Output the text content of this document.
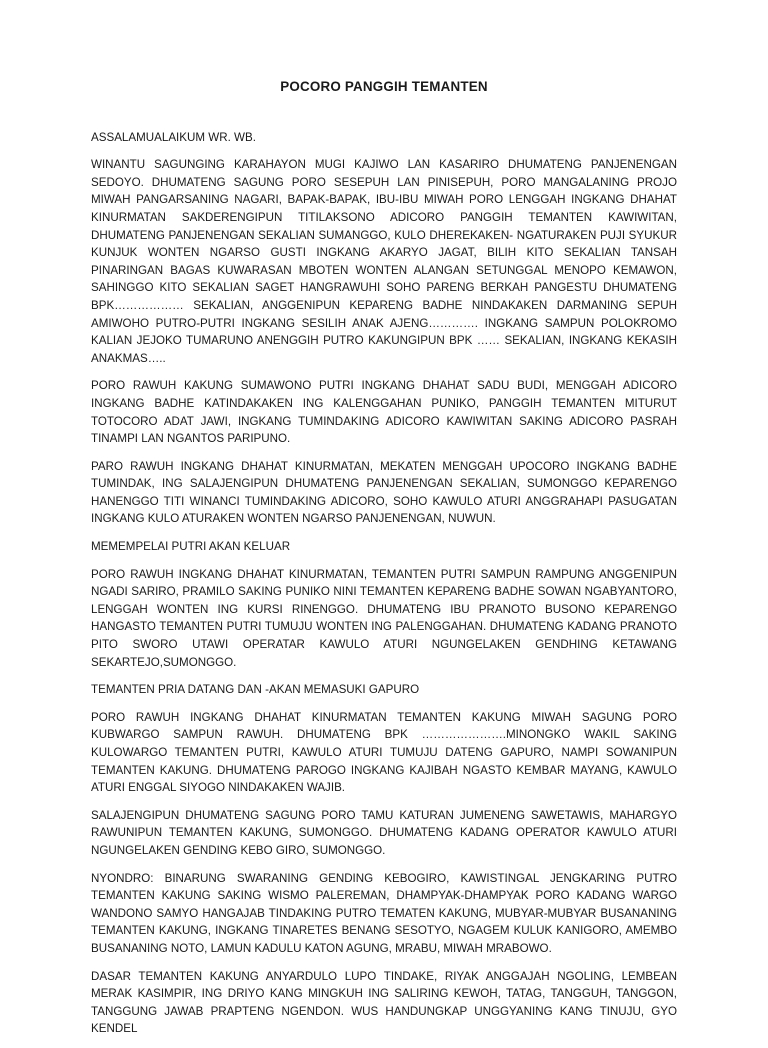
POCORO PANGGIH TEMANTEN
ASSALAMUALAIKUM WR. WB.
WINANTU SAGUNGING KARAHAYON MUGI KAJIWO LAN KASARIRO DHUMATENG PANJENENGAN SEDOYO. DHUMATENG SAGUNG PORO SESEPUH LAN PINISEPUH, PORO MANGALANING PROJO MIWAH PANGARSANING NAGARI, BAPAK-BAPAK, IBU-IBU MIWAH PORO LENGGAH INGKANG DHAHAT KINURMATAN SAKDERENGIPUN TITILAKSONO ADICORO PANGGIH TEMANTEN KAWIWITAN, DHUMATENG PANJENENGAN SEKALIAN SUMANGGO, KULO DHEREKAKEN- NGATURAKEN PUJI SYUKUR KUNJUK WONTEN NGARSO GUSTI INGKANG AKARYO JAGAT, BILIH KITO SEKALIAN TANSAH PINARINGAN BAGAS KUWARASAN MBOTEN WONTEN ALANGAN SETUNGGAL MENOPO KEMAWON, SAHINGGO KITO SEKALIAN SAGET HANGRAWUHI SOHO PARENG BERKAH PANGESTU DHUMATENG BPK……………… SEKALIAN, ANGGENIPUN KEPARENG BADHE NINDAKAKEN DARMANING SEPUH AMIWOHO PUTRO-PUTRI INGKANG SESILIH ANAK AJENG…………. INGKANG SAMPUN POLOKROMO KALIAN JEJOKO TUMARUNO ANENGGIH PUTRO KAKUNGIPUN BPK …… SEKALIAN, INGKANG KEKASIH ANAKMAS…..
PORO RAWUH KAKUNG SUMAWONO PUTRI INGKANG DHAHAT SADU BUDI, MENGGAH ADICORO INGKANG BADHE KATINDAKAKEN ING KALENGGAHAN PUNIKO, PANGGIH TEMANTEN MITURUT TOTOCORO ADAT JAWI, INGKANG TUMINDAKING ADICORO KAWIWITAN SAKING ADICORO PASRAH TINAMPI LAN NGANTOS PARIPUNO.
PARO RAWUH INGKANG DHAHAT KINURMATAN, MEKATEN MENGGAH UPOCORO INGKANG BADHE TUMINDAK, ING SALAJENGIPUN DHUMATENG PANJENENGAN SEKALIAN, SUMONGGO KEPARENGO HANENGGO TITI WINANCI TUMINDAKING ADICORO, SOHO KAWULO ATURI ANGGRAHAPI PASUGATAN INGKANG KULO ATURAKEN WONTEN NGARSO PANJENENGAN, NUWUN.
MEMEMPELAI PUTRI AKAN KELUAR
PORO RAWUH INGKANG DHAHAT KINURMATAN, TEMANTEN PUTRI SAMPUN RAMPUNG ANGGENIPUN NGADI SARIRO, PRAMILO SAKING PUNIKO NINI TEMANTEN KEPARENG BADHE SOWAN NGABYANTORO, LENGGAH WONTEN ING KURSI RINENGGO. DHUMATENG IBU PRANOTO BUSONO KEPARENGO HANGASTO TEMANTEN PUTRI TUMUJU WONTEN ING PALENGGAHAN. DHUMATENG KADANG PRANOTO PITO SWORO UTAWI OPERATAR KAWULO ATURI NGUNGELAKEN GENDHING KETAWANG SEKARTEJO,SUMONGGO.
TEMANTEN PRIA DATANG DAN -AKAN MEMASUKI GAPURO
PORO RAWUH INGKANG DHAHAT KINURMATAN TEMANTEN KAKUNG MIWAH SAGUNG PORO KUBWARGO SAMPUN RAWUH. DHUMATENG BPK ………………….MINONGKO WAKIL SAKING KULOWARGO TEMANTEN PUTRI, KAWULO ATURI TUMUJU DATENG GAPURO, NAMPI SOWANIPUN TEMANTEN KAKUNG. DHUMATENG PAROGO INGKANG KAJIBAH NGASTO KEMBAR MAYANG, KAWULO ATURI ENGGAL SIYOGO NINDAKAKEN WAJIB.
SALAJENGIPUN DHUMATENG SAGUNG PORO TAMU KATURAN JUMENENG SAWETAWIS, MAHARGYO RAWUNIPUN TEMANTEN KAKUNG, SUMONGGO. DHUMATENG KADANG OPERATOR KAWULO ATURI NGUNGELAKEN GENDING KEBO GIRO, SUMONGGO.
NYONDRO: BINARUNG SWARANING GENDING KEBOGIRO, KAWISTINGAL JENGKARING PUTRO TEMANTEN KAKUNG SAKING WISMO PALEREMAN, DHAMPYAK-DHAMPYAK PORO KADANG WARGO WANDONO SAMYO HANGAJAB TINDAKING PUTRO TEMATEN KAKUNG, MUBYAR-MUBYAR BUSANANING TEMANTEN KAKUNG, INGKANG TINARETES BENANG SESOTYO, NGAGEM KULUK KANIGORO, AMEMBO BUSANANING NOTO, LAMUN KADULU KATON AGUNG, MRABU, MIWAH MRABOWO.
DASAR TEMANTEN KAKUNG ANYARDULO LUPO TINDAKE, RIYAK ANGGAJAH NGOLING, LEMBEAN MERAK KASIMPIR, ING DRIYO KANG MINGKUH ING SALIRING KEWOH, TATAG, TANGGUH, TANGGON, TANGGUNG JAWAB PRAPTENG NGENDON. WUS HANDUNGKAP UNGGYANING KANG TINUJU, GYO KENDEL
